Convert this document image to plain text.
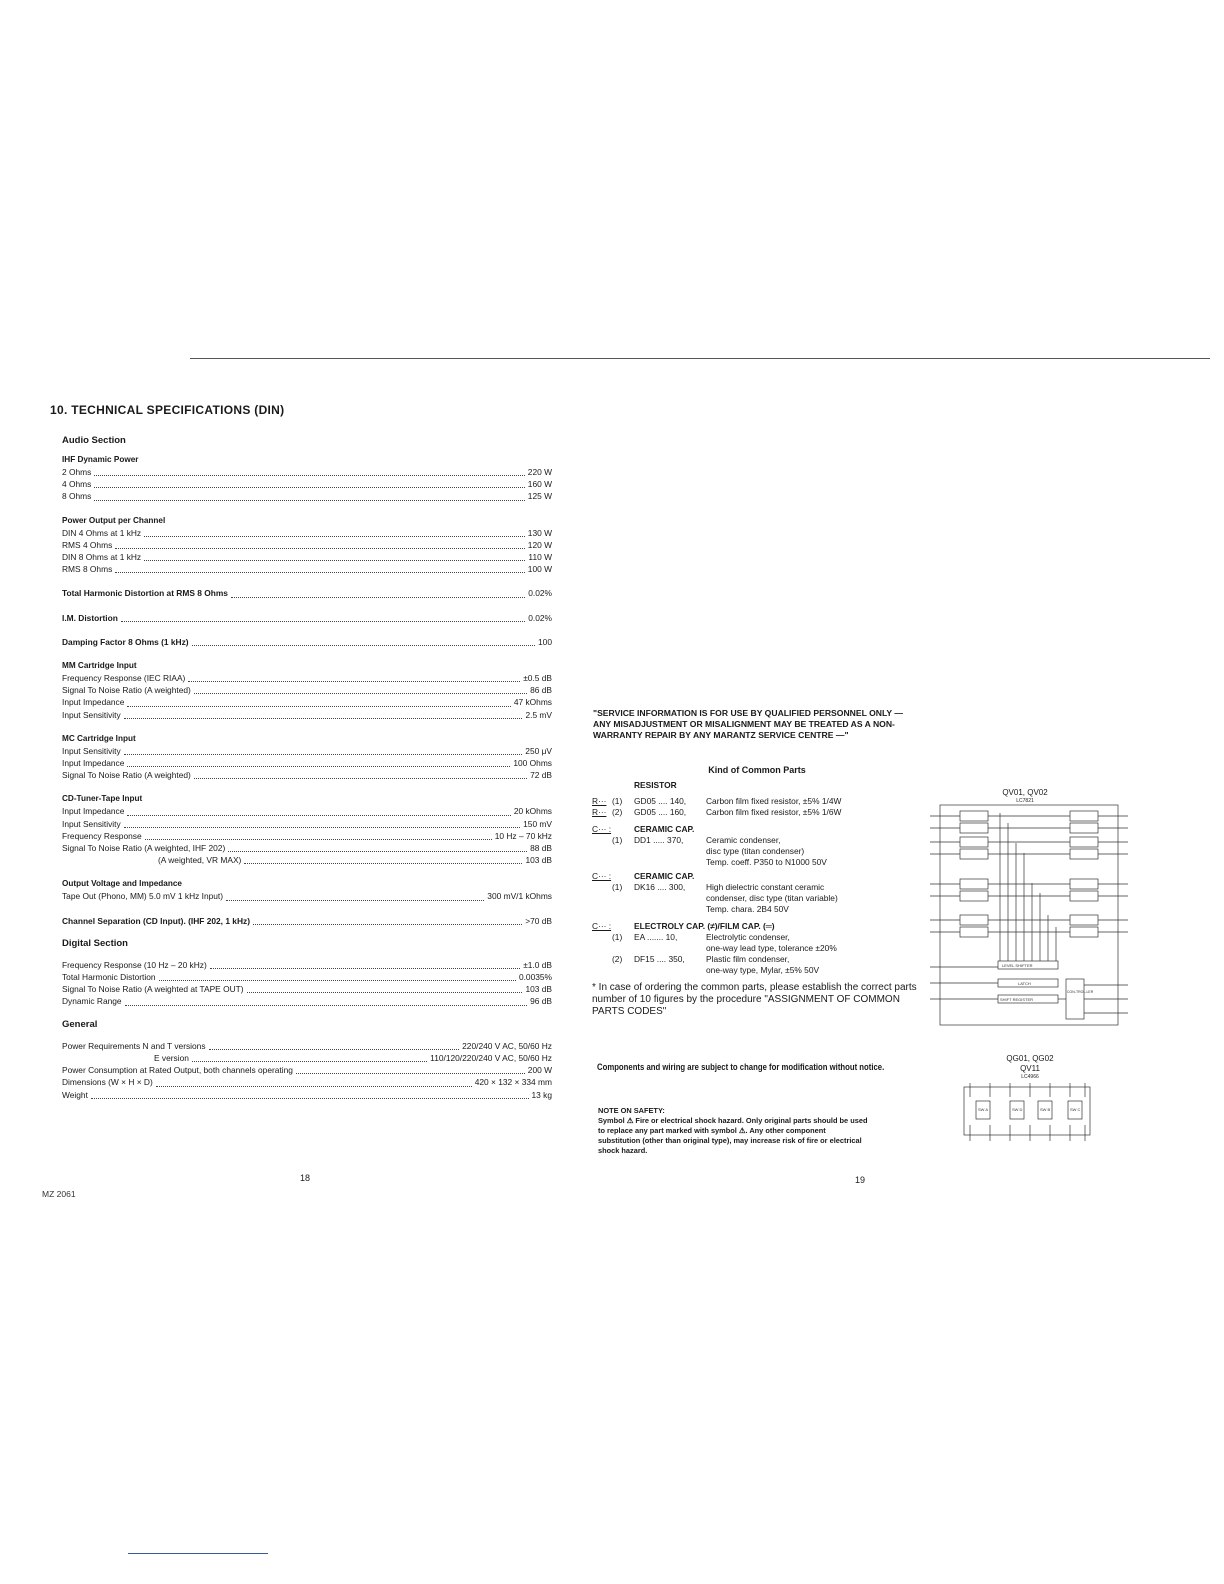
10. TECHNICAL SPECIFICATIONS (DIN)
Audio Section
IHF Dynamic Power
2 Ohms	220 W
4 Ohms	160 W
8 Ohms	125 W
Power Output per Channel
DIN 4 Ohms at 1 kHz	130 W
RMS 4 Ohms	120 W
DIN 8 Ohms at 1 kHz	110 W
RMS 8 Ohms	100 W
Total Harmonic Distortion at RMS 8 Ohms	0.02%
I.M. Distortion	0.02%
Damping Factor 8 Ohms (1 kHz)	100
MM Cartridge Input
Frequency Response (IEC RIAA)	±0.5 dB
Signal To Noise Ratio (A weighted)	86 dB
Input Impedance	47 kOhms
Input Sensitivity	2.5 mV
MC Cartridge Input
Input Sensitivity	250 μV
Input Impedance	100 Ohms
Signal To Noise Ratio (A weighted)	72 dB
CD-Tuner-Tape Input
Input Impedance	20 kOhms
Input Sensitivity	150 mV
Frequency Response	10 Hz – 70 kHz
Signal To Noise Ratio (A weighted, IHF 202)	88 dB
(A weighted, VR MAX)	103 dB
Output Voltage and Impedance
Tape Out (Phono, MM) 5.0 mV 1 kHz Input)	300 mV/1 kOhms
Channel Separation (CD Input). (IHF 202, 1 kHz)	>70 dB
Digital Section
Frequency Response (10 Hz – 20 kHz)	±1.0 dB
Total Harmonic Distortion	0.0035%
Signal To Noise Ratio (A weighted at TAPE OUT)	103 dB
Dynamic Range	96 dB
General
Power Requirements N and T versions	220/240 V AC, 50/60 Hz
E version	110/120/220/240 V AC, 50/60 Hz
Power Consumption at Rated Output, both channels operating	200 W
Dimensions (W × H × D)	420 × 132 × 334 mm
Weight	13 kg
18	19
MZ 2061
"SERVICE INFORMATION IS FOR USE BY QUALIFIED PERSONNEL ONLY — ANY MISADJUSTMENT OR MISALIGNMENT MAY BE TREATED AS A NON-WARRANTY REPAIR BY ANY MARANTZ SERVICE CENTRE —"
Kind of Common Parts
RESISTOR
R··· (1)	GD05 .... 140,	Carbon film fixed resistor, ±5% 1/4W
R··· (2)	GD05 .... 160,	Carbon film fixed resistor, ±5% 1/6W
C··· :	CERAMIC CAP.
(1)	DD1 ..... 370,	Ceramic condenser,
disc type (titan condenser)
Temp. coeff. P350 to N1000 50V
C··· :	CERAMIC CAP.
(1)	DK16 .... 300,	High dielectric constant ceramic
condenser, disc type (titan variable)
Temp. chara. 2B4 50V
C··· :	ELECTROLY CAP. (≠)/FILM CAP. (═)
(1)	EA ....... 10,	Electrolytic condenser,
one-way lead type, tolerance ±20%
(2)	DF15 .... 350,	Plastic film condenser,
one-way type, Mylar, ±5% 50V
* In case of ordering the common parts, please establish the correct parts number of 10 figures by the procedure "ASSIGNMENT OF COMMON PARTS CODES"
Components and wiring are subject to change for modification without notice.
NOTE ON SAFETY:
Symbol ⚠ Fire or electrical shock hazard. Only original parts should be used to replace any part marked with symbol ⚠. Any other component substitution (other than original type), may increase risk of fire or electrical shock hazard.
QV01, QV02
LC7821
LEVEL SHIFTER
LATCH
SHIFT REGISTER
CON-TROL-LER
QG01, QG02
QV11
LC4966
SW A	SW D	SW B	SW C
